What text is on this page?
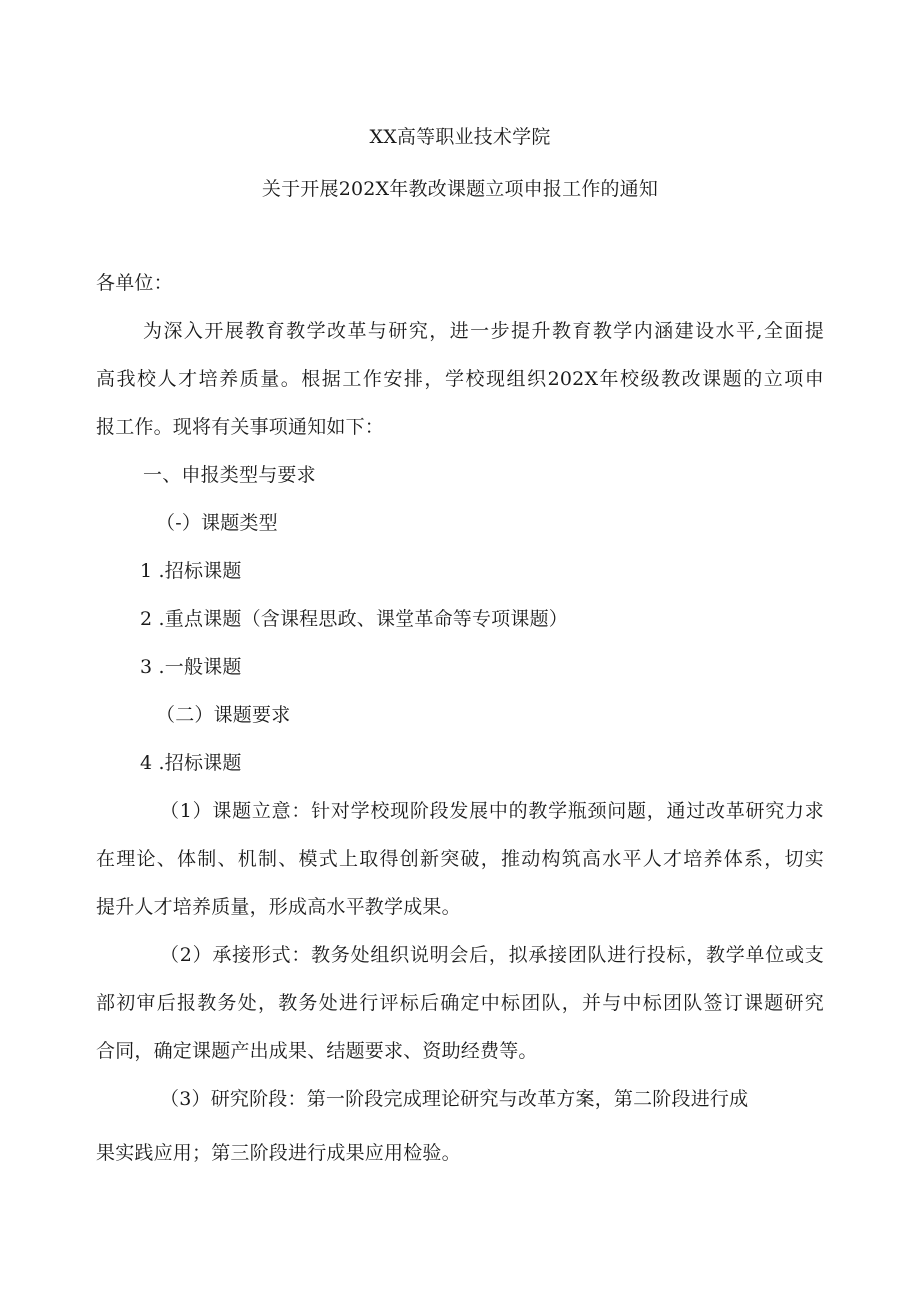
XX高等职业技术学院
关于开展202X年教改课题立项申报工作的通知
各单位：
为深入开展教育教学改革与研究，进一步提升教育教学内涵建设水平,全面提
高我校人才培养质量。根据工作安排，学校现组织202X年校级教改课题的立项申
报工作。现将有关事项通知如下：
一、申报类型与要求
（-）课题类型
1 .招标课题
2 .重点课题（含课程思政、课堂革命等专项课题）
3 .一般课题
（二）课题要求
4 .招标课题
（1）课题立意：针对学校现阶段发展中的教学瓶颈问题，通过改革研究力求
在理论、体制、机制、模式上取得创新突破，推动构筑高水平人才培养体系，切实
提升人才培养质量，形成高水平教学成果。
（2）承接形式：教务处组织说明会后，拟承接团队进行投标，教学单位或支
部初审后报教务处，教务处进行评标后确定中标团队，并与中标团队签订课题研究
合同，确定课题产出成果、结题要求、资助经费等。
（3）研究阶段：第一阶段完成理论研究与改革方案，第二阶段进行成
果实践应用；第三阶段进行成果应用检验。
